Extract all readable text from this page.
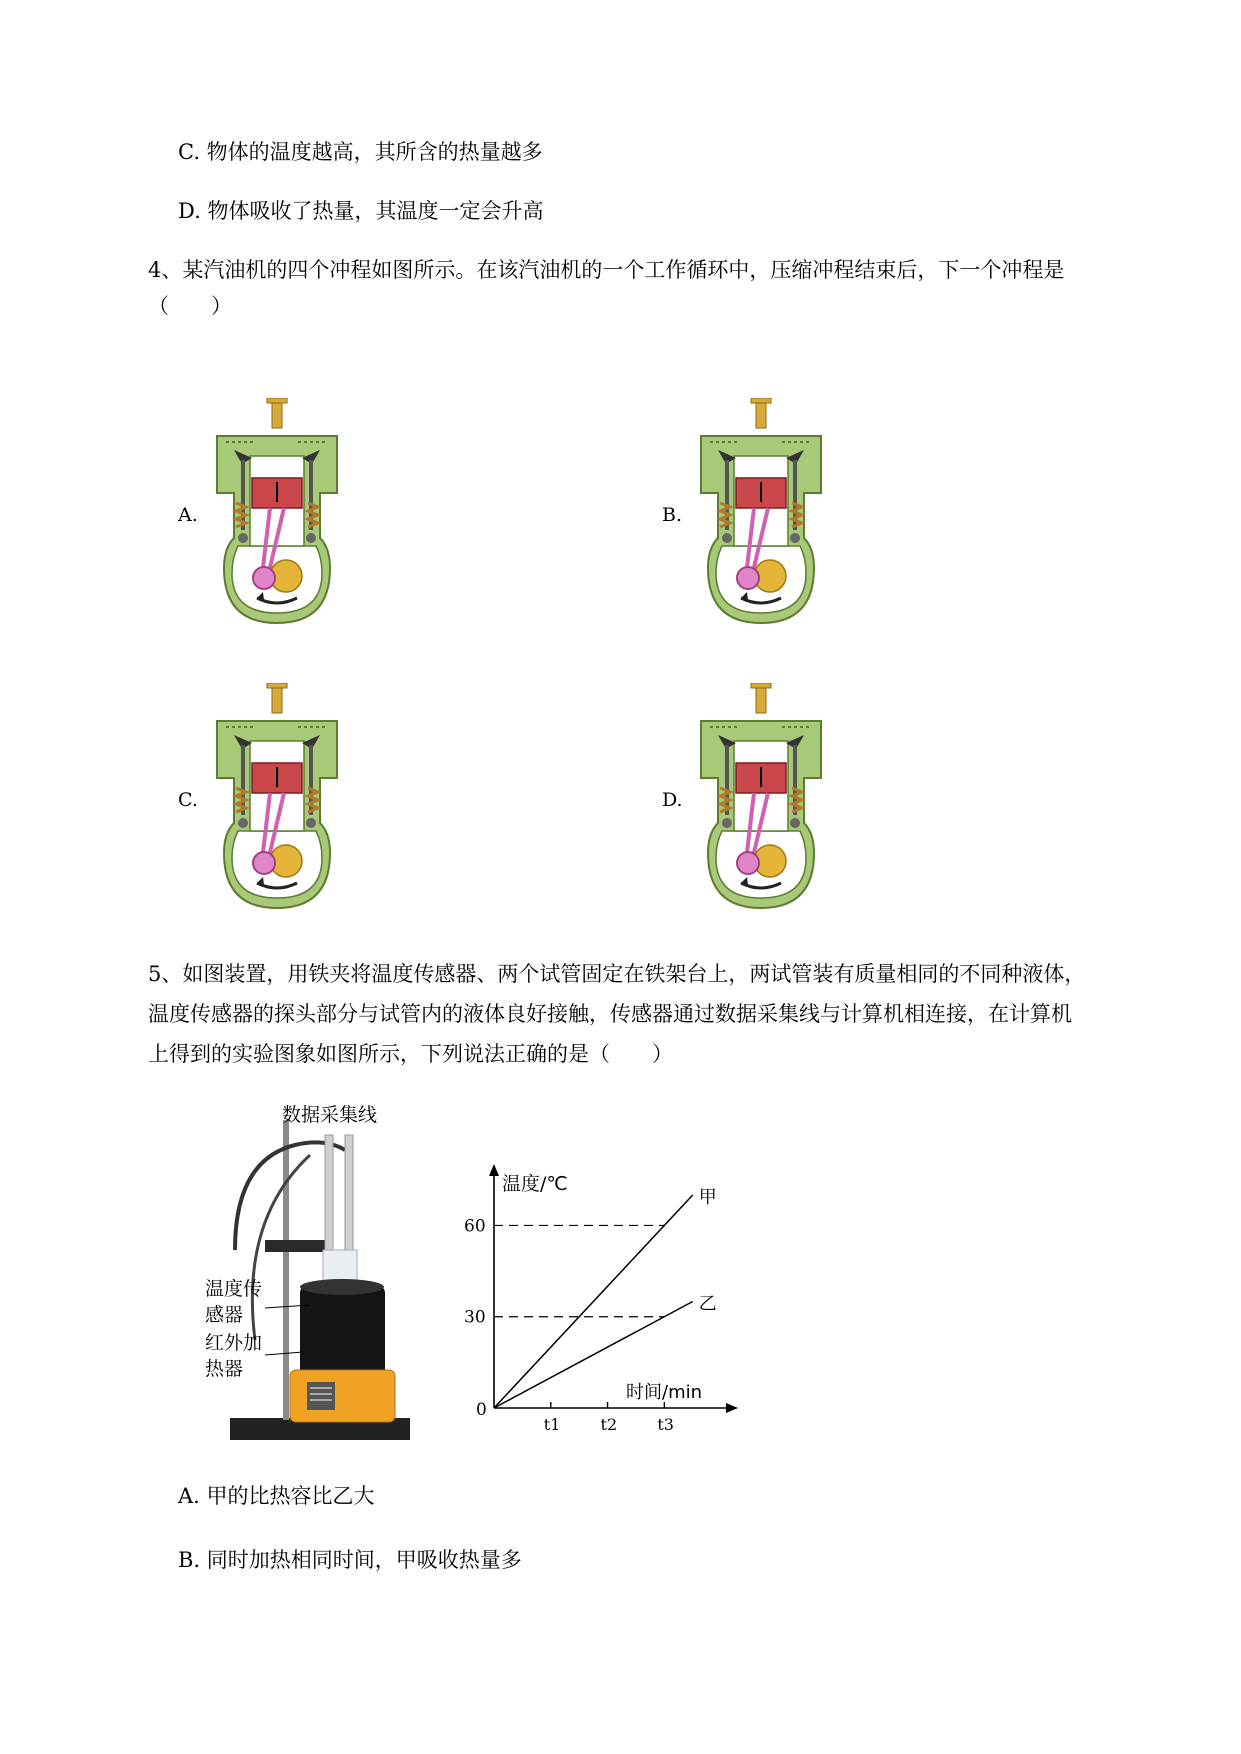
C. 物体的温度越高，其所含的热量越多
D. 物体吸收了热量，其温度一定会升高
4、某汽油机的四个冲程如图所示。在该汽油机的一个工作循环中，压缩冲程结束后，下一个冲程是
（　　）
A.	B.
C.	D.
5、如图装置，用铁夹将温度传感器、两个试管固定在铁架台上，两试管装有质量相同的不同种液体，
温度传感器的探头部分与试管内的液体良好接触，传感器通过数据采集线与计算机相连接，在计算机
上得到的实验图象如图所示，下列说法正确的是（　　）
数据采集线
温度传
感器
红外加
热器
温度/℃
时间/min
0
30
60
t1	t2	t3
甲
乙
A. 甲的比热容比乙大
B. 同时加热相同时间，甲吸收热量多
